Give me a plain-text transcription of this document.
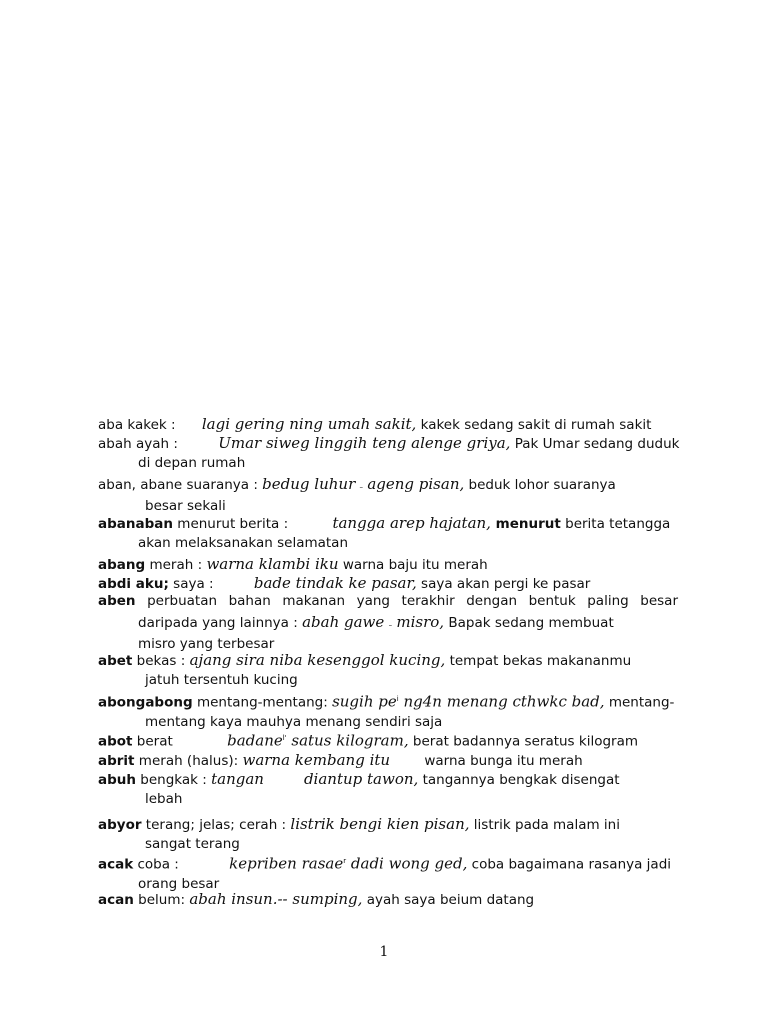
aba kakek : lagi gering ning umah sakit, kakek sedang sakit di rumah sakit
abah ayah :	Umar siweg linggih teng alenge griya, Pak Umar sedang duduk
di depan rumah
aban, abane suaranya : bedug luhur – ageng pisan, beduk lohor suaranya
besar sekali
abanaban menurut berita :	tangga arep hajatan, menurut berita tetangga
akan melaksanakan selamatan
abang merah : warna klambi iku warna baju itu merah
abdi aku; saya :	bade tindak ke pasar, saya akan pergi ke pasar
aben perbuatan bahan makanan yang terakhir dengan bentuk paling besar
daripada yang lainnya : abah gawe – misro, Bapak sedang membuat
misro yang terbesar
abet bekas : ajang sira niba kesenggol kucing, tempat bekas makananmu
jatuh tersentuh kucing
abongabong mentang-mentang: sugih $pe^i$ ng4n menang cthwkc bad, mentang-
mentang kaya mauhya menang sendiri saja
abot berat	badane$^{l'}$ satus kilogram, berat badannya seratus kilogram
abrit merah (halus): warna kembang itu warna bunga itu merah
abuh bengkak : tangan	diantup tawon, tangannya bengkak disengat
lebah
abyor terang; jelas; cerah : listrik bengi kien pisan, listrik pada malam ini
sangat terang
acak coba :	kepriben rasae$^r$ dadi wong ged, coba bagaimana rasanya jadi
orang besar
acan belum: abah insun.-- sumping, ayah saya beium datang
1
